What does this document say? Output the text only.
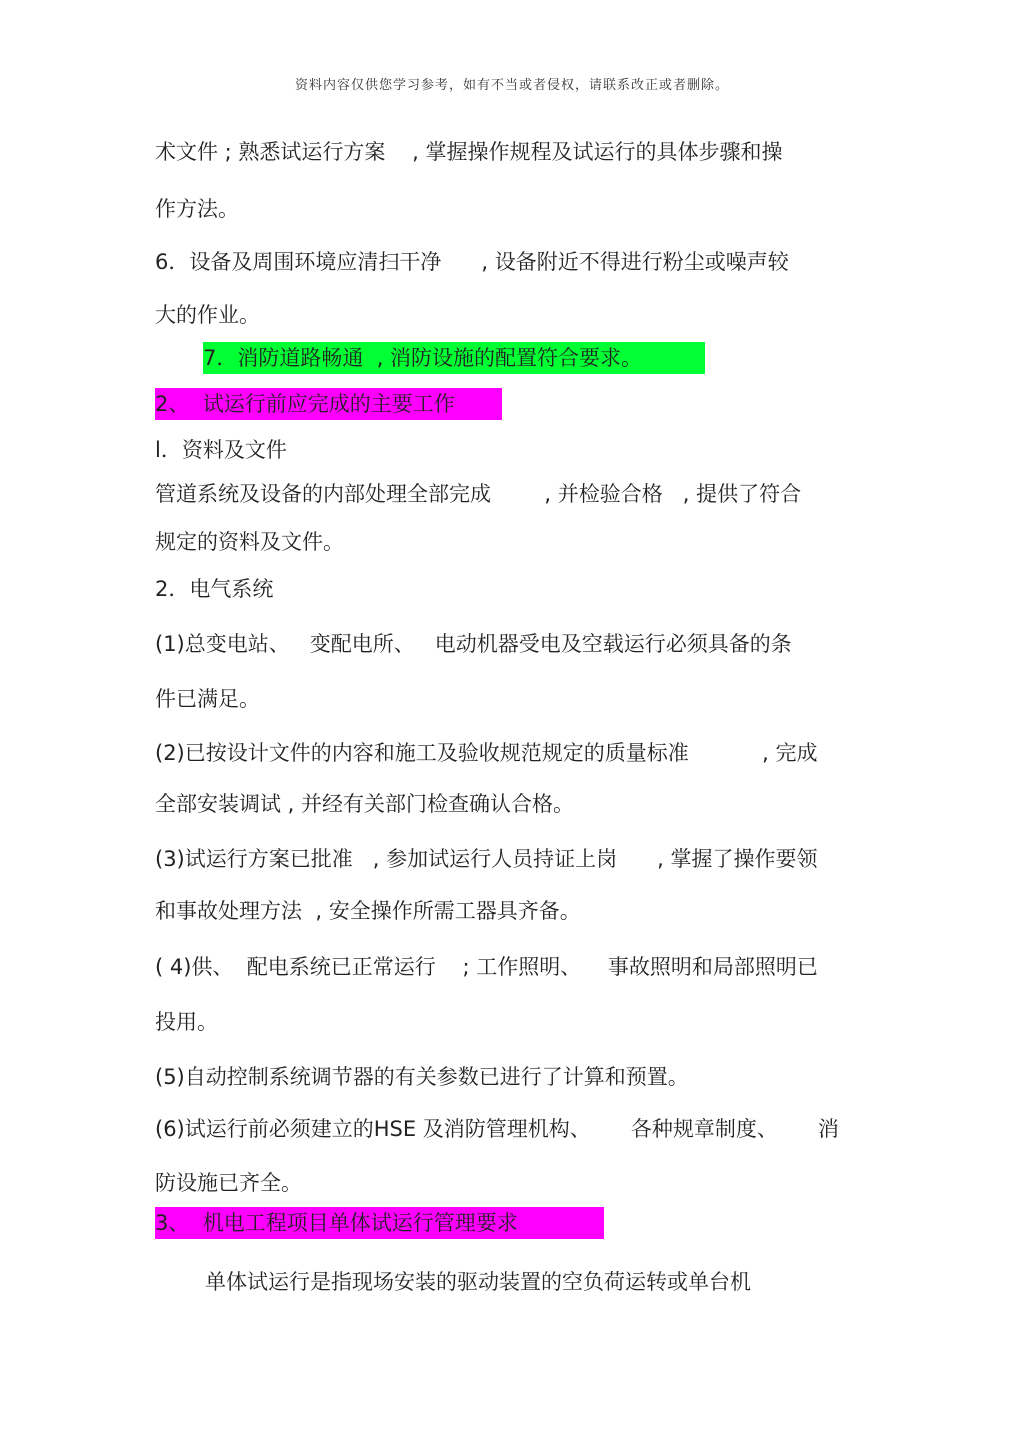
资料内容仅供您学习参考，如有不当或者侵权，请联系改正或者删除。
术文件 ; 熟悉试运行方案    , 掌握操作规程及试运行的具体步骤和操
作方法。
6．设备及周围环境应清扫干净      , 设备附近不得进行粉尘或噪声较
大的作业。
7．消防道路畅通  , 消防设施的配置符合要求。
2、  试运行前应完成的主要工作
l．资料及文件
管道系统及设备的内部处理全部完成        , 并检验合格   , 提供了符合
规定的资料及文件。
2．电气系统
(1)总变电站、   变配电所、   电动机器受电及空载运行必须具备的条
件已满足。
(2)已按设计文件的内容和施工及验收规范规定的质量标准           , 完成
全部安装调试 , 并经有关部门检查确认合格。
(3)试运行方案已批准   , 参加试运行人员持证上岗      , 掌握了操作要领
和事故处理方法  , 安全操作所需工器具齐备。
( 4)供、  配电系统已正常运行    ; 工作照明、    事故照明和局部照明已
投用。
(5)自动控制系统调节器的有关参数已进行了计算和预置。
(6)试运行前必须建立的HSE 及消防管理机构、      各种规章制度、      消
防设施已齐全。
3、  机电工程项目单体试运行管理要求
单体试运行是指现场安装的驱动装置的空负荷运转或单台机
